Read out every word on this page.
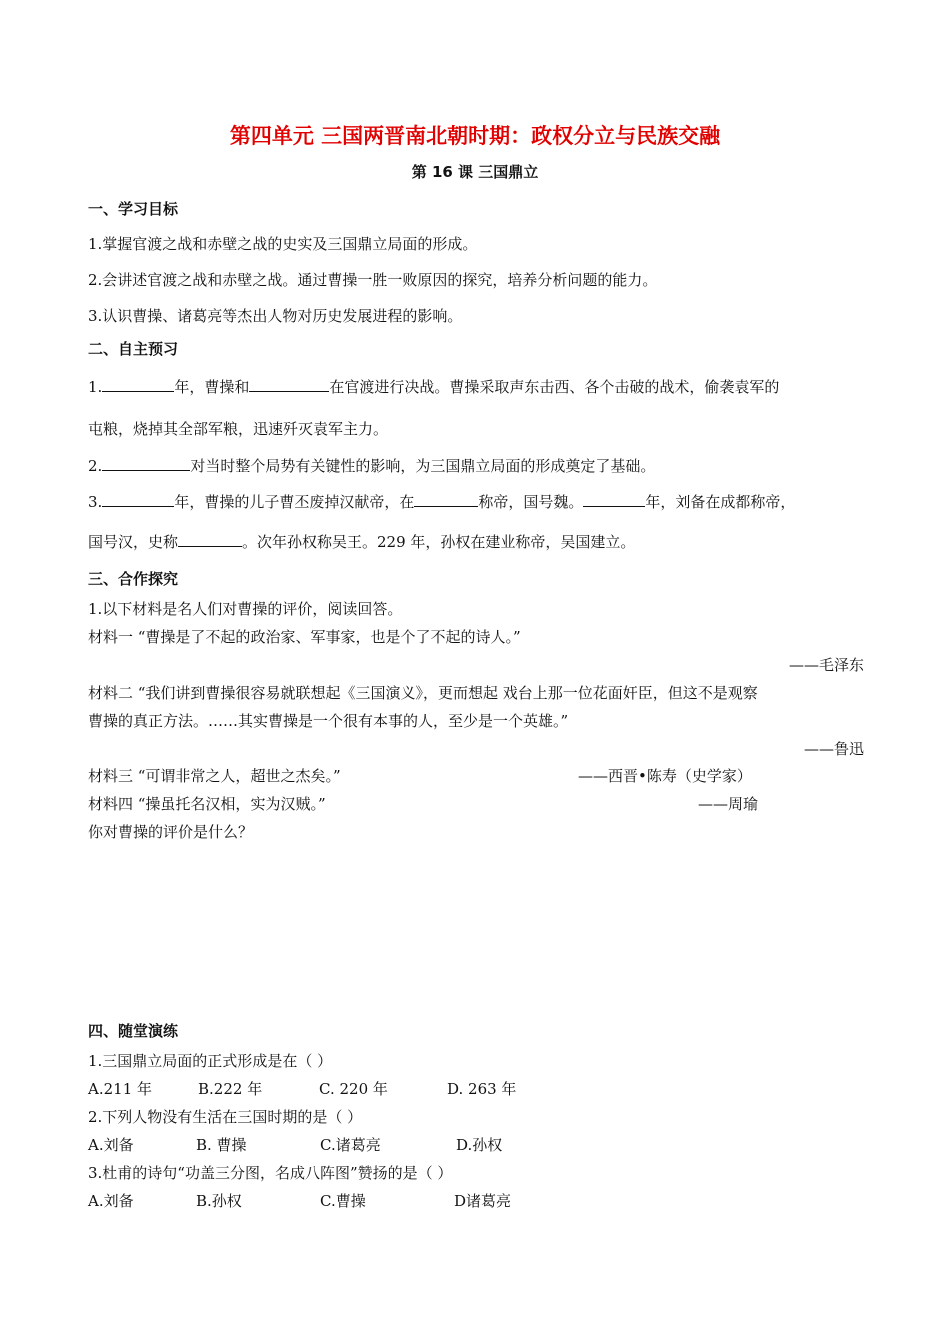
第四单元 三国两晋南北朝时期：政权分立与民族交融
第 16 课 三国鼎立
一、学习目标
1.掌握官渡之战和赤壁之战的史实及三国鼎立局面的形成。
2.会讲述官渡之战和赤壁之战。通过曹操一胜一败原因的探究，培养分析问题的能力。
3.认识曹操、诸葛亮等杰出人物对历史发展进程的影响。
二、自主预习
1.	年，曹操和	在官渡进行决战。曹操采取声东击西、各个击破的战术，偷袭袁军的
屯粮，烧掉其全部军粮，迅速歼灭袁军主力。
2.	对当时整个局势有关键性的影响，为三国鼎立局面的形成奠定了基础。
3.	年，曹操的儿子曹丕废掉汉献帝，在	称帝，国号魏。	年，刘备在成都称帝，
国号汉，史称	。次年孙权称吴王。229 年，孙权在建业称帝，吴国建立。
三、合作探究
1.以下材料是名人们对曹操的评价，阅读回答。
材料一 “曹操是了不起的政治家、军事家，也是个了不起的诗人。”
——毛泽东
材料二 “我们讲到曹操很容易就联想起《三国演义》，更而想起 戏台上那一位花面奸臣，但这不是观察
曹操的真正方法。……其实曹操是一个很有本事的人，至少是一个英雄。”
——鲁迅
材料三 “可谓非常之人，超世之杰矣。”	——西晋•陈寿（史学家）
材料四 “操虽托名汉相，实为汉贼。”	——周瑜
你对曹操的评价是什么？
四、随堂演练
1.三国鼎立局面的正式形成是在（ ）
A.211 年	B.222 年	C. 220 年	D. 263 年
2.下列人物没有生活在三国时期的是（ ）
A.刘备	B. 曹操	C.诸葛亮	D.孙权
3.杜甫的诗句“功盖三分图，名成八阵图”赞扬的是（ ）
A.刘备	B.孙权	C.曹操	D诸葛亮
